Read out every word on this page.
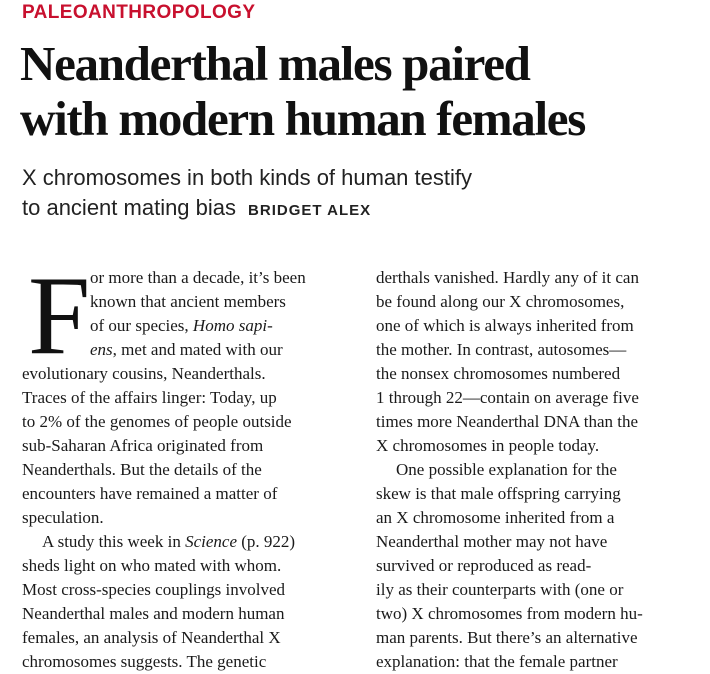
PALEOANTHROPOLOGY
Neanderthal males paired
with modern human females
X chromosomes in both kinds of human testify
to ancient mating bias BRIDGET ALEX
F or more than a decade, it’s been
known that ancient members
of our species, Homo sapi-
ens, met and mated with our
evolutionary cousins, Neanderthals.
Traces of the affairs linger: Today, up
to 2% of the genomes of people outside
sub-Saharan Africa originated from
Neanderthals. But the details of the
encounters have remained a matter of
speculation.
A study this week in Science (p. 922)
sheds light on who mated with whom.
Most cross-species couplings involved
Neanderthal males and modern human
females, an analysis of Neanderthal X
chromosomes suggests. The genetic
derthals vanished. Hardly any of it can
be found along our X chromosomes,
one of which is always inherited from
the mother. In contrast, autosomes—
the nonsex chromosomes numbered
1 through 22—contain on average five
times more Neanderthal DNA than the
X chromosomes in people today.
One possible explanation for the
skew is that male offspring carrying
an X chromosome inherited from a
Neanderthal mother may not have
survived or reproduced as read-
ily as their counterparts with (one or
two) X chromosomes from modern hu-
man parents. But there’s an alternative
explanation: that the female partner
